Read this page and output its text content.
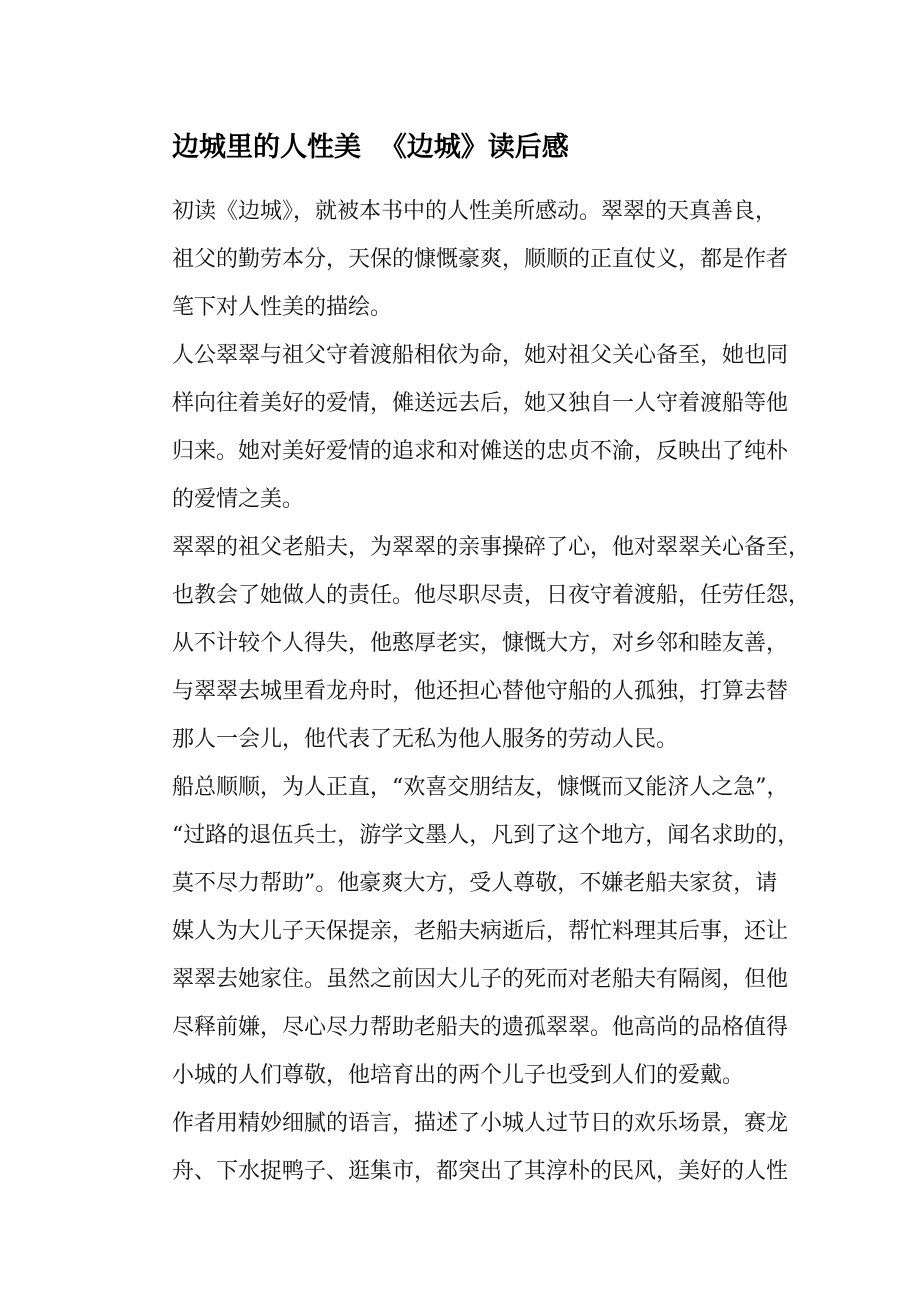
边城里的人性美  《边城》读后感
初读《边城》，就被本书中的人性美所感动。翠翠的天真善良，
祖父的勤劳本分，天保的慷慨豪爽，顺顺的正直仗义，都是作者
笔下对人性美的描绘。
人公翠翠与祖父守着渡船相依为命，她对祖父关心备至，她也同
样向往着美好的爱情，傩送远去后，她又独自一人守着渡船等他
归来。她对美好爱情的追求和对傩送的忠贞不渝，反映出了纯朴
的爱情之美。
翠翠的祖父老船夫，为翠翠的亲事操碎了心，他对翠翠关心备至，
也教会了她做人的责任。他尽职尽责，日夜守着渡船，任劳任怨，
从不计较个人得失，他憨厚老实，慷慨大方，对乡邻和睦友善，
与翠翠去城里看龙舟时，他还担心替他守船的人孤独，打算去替
那人一会儿，他代表了无私为他人服务的劳动人民。
船总顺顺，为人正直，“欢喜交朋结友，慷慨而又能济人之急”，
“过路的退伍兵士，游学文墨人，凡到了这个地方，闻名求助的，
莫不尽力帮助”。他豪爽大方，受人尊敬，不嫌老船夫家贫，请
媒人为大儿子天保提亲，老船夫病逝后，帮忙料理其后事，还让
翠翠去她家住。虽然之前因大儿子的死而对老船夫有隔阂，但他
尽释前嫌，尽心尽力帮助老船夫的遗孤翠翠。他高尚的品格值得
小城的人们尊敬，他培育出的两个儿子也受到人们的爱戴。
作者用精妙细腻的语言，描述了小城人过节日的欢乐场景，赛龙
舟、下水捉鸭子、逛集市，都突出了其淳朴的民风，美好的人性
